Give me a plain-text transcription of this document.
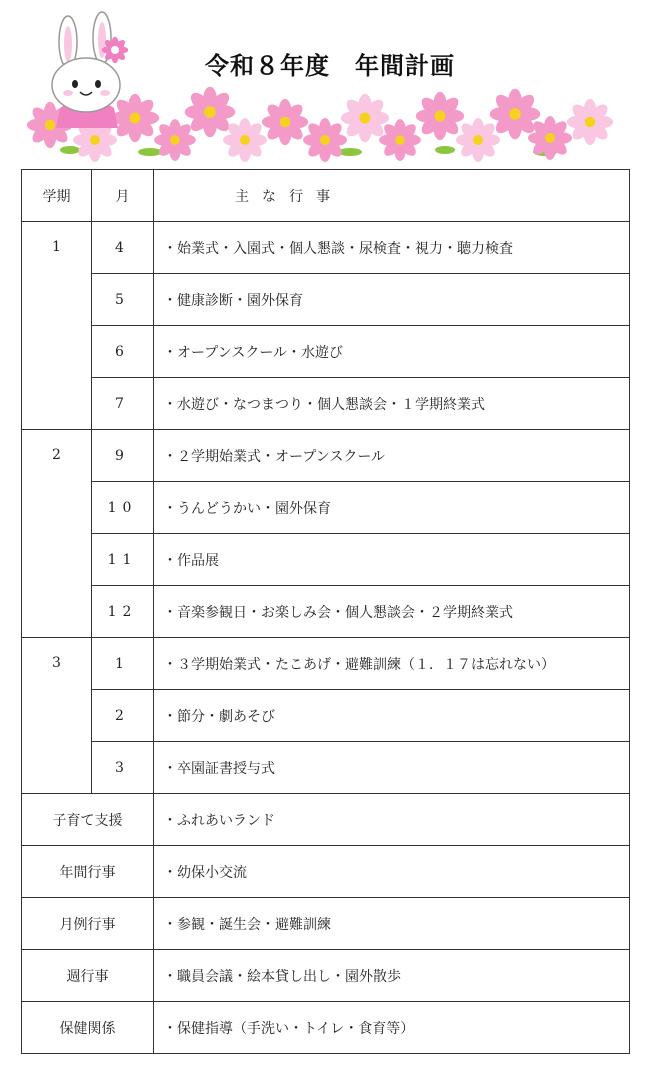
令和８年度　年間計画
学期	月	主な行事
1	4	・始業式・入園式・個人懇談・尿検査・視力・聴力検査
	5	・健康診断・園外保育
	6	・オープンスクール・水遊び
	7	・水遊び・なつまつり・個人懇談会・１学期終業式
2	9	・２学期始業式・オープンスクール
	10	・うんどうかい・園外保育
	11	・作品展
	12	・音楽参観日・お楽しみ会・個人懇談会・２学期終業式
3	1	・３学期始業式・たこあげ・避難訓練（１．１７は忘れない）
	2	・節分・劇あそび
	3	・卒園証書授与式
子育て支援		・ふれあいランド
年間行事		・幼保小交流
月例行事		・参観・誕生会・避難訓練
週行事		・職員会議・絵本貸し出し・園外散歩
保健関係		・保健指導（手洗い・トイレ・食育等）
